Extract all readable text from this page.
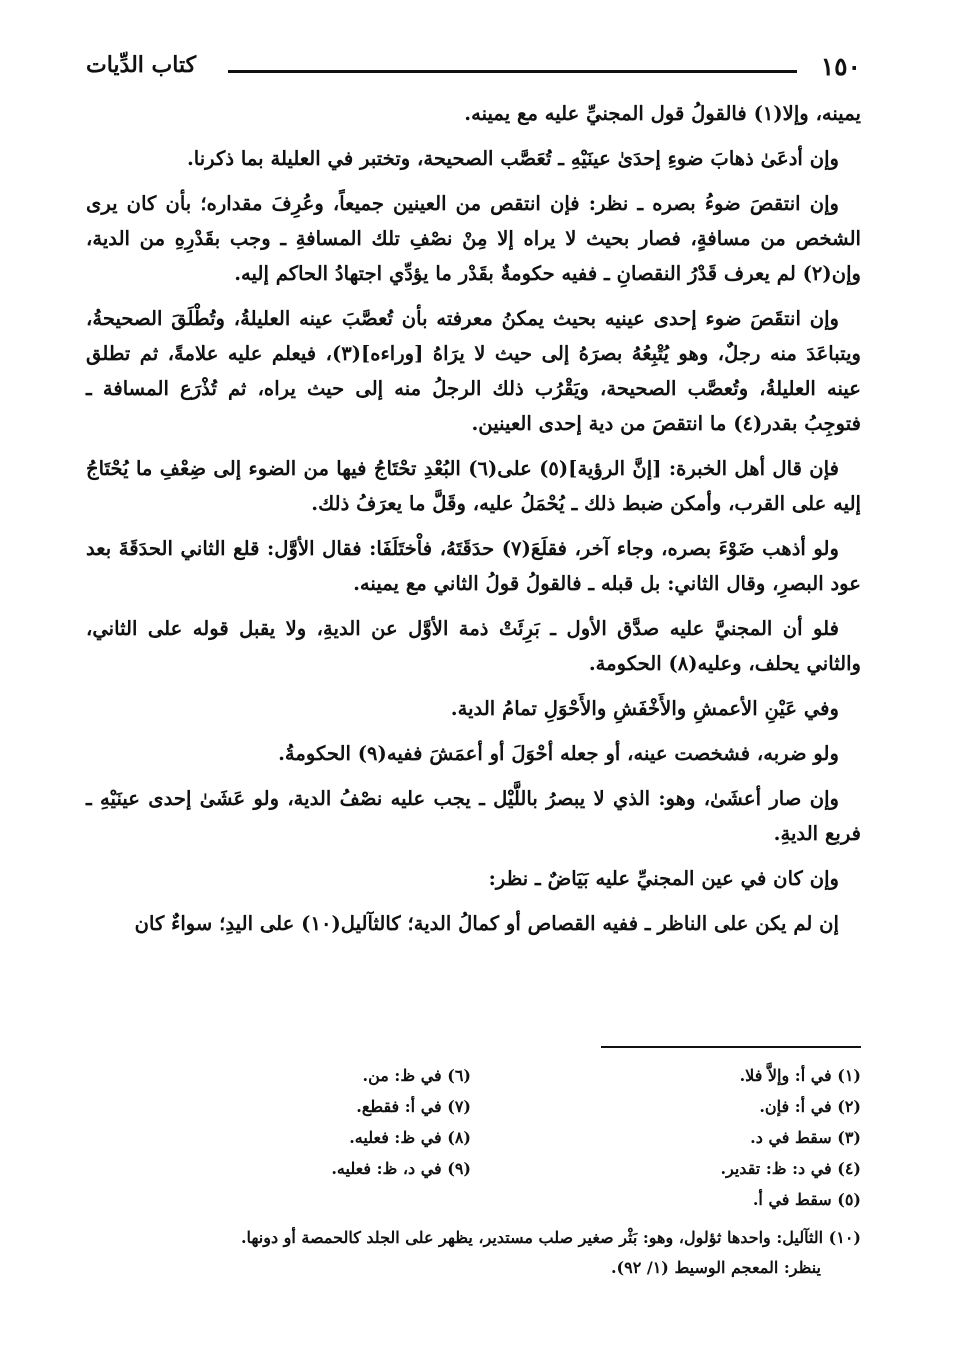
١٥٠
كتاب الدِّيات

يمينه، وإلا(١) فالقولُ قول المجنيِّ عليه مع يمينه.

وإن أدعَىٰ ذهابَ ضوءِ إحدَىٰ عينَيْهِ ـ تُعَصَّب الصحيحة، وتختبر في العليلة بما ذكرنا.

وإن انتقصَ ضوءُ بصره ـ نظر: فإن انتقص من العينين جميعاً، وعُرِفَ مقداره؛ بأن كان يرى الشخص من مسافةٍ، فصار بحيث لا يراه إلا مِنْ نصْفِ تلك المسافةِ ـ وجب بقَدْرِهِ من الدية، وإن(٢) لم يعرف قَدْرُ النقصانِ ـ ففيه حكومةٌ بقَدْر ما يؤدِّي اجتهادُ الحاكم إليه.

وإن انتقَصَ ضوء إحدى عينيه بحيث يمكنُ معرفته بأن تُعصَّبَ عينه العليلةُ، وتُطْلَقَ الصحيحةُ، ويتباعَدَ منه رجلٌ، وهو يُتْبِعُهُ بصرَهُ إلى حيث لا يرَاهُ [وراءه](٣)، فيعلم عليه علامةً، ثم تطلق عينه العليلةُ، وتُعصَّب الصحيحة، ويَقْرُب ذلك الرجلُ منه إلى حيث يراه، ثم تُذْرَع المسافة ـ فتوجِبُ بقدر(٤) ما انتقصَ من دية إحدى العينين.

فإن قال أهل الخبرة: [إنَّ الرؤية](٥) على(٦) البُعْدِ تحْتَاجُ فيها من الضوء إلى ضِعْفِ ما يُحْتَاجُ إليه على القرب، وأمكن ضبط ذلك ـ يُحْمَلُ عليه، وقَلَّ ما يعرَفُ ذلك.

ولو أذهب ضَوْءَ بصره، وجاء آخر، فقلَعَ(٧) حدَقَتَهُ، فاْختَلَفَا: فقال الأوَّل: قلع الثاني الحدَقَةَ بعد عود البصرِ، وقال الثاني: بل قبله ـ فالقولُ قولُ الثاني مع يمينه.

فلو أن المجنيَّ عليه صدَّق الأول ـ بَرِئَتْ ذمة الأوَّل عن الديةِ، ولا يقبل قوله على الثاني، والثاني يحلف، وعليه(٨) الحكومة.

وفي عَيْنِ الأعمشِ والأَخْفَشِ والأَحْوَلِ تمامُ الدية.

ولو ضربه، فشخصت عينه، أو جعله أحْوَلَ أو أعمَشَ ففيه(٩) الحكومةُ.

وإن صار أعشَىٰ، وهو: الذي لا يبصرُ باللَّيْل ـ يجب عليه نصْفُ الدية، ولو عَشَىٰ إحدى عينَيْهِ ـ فربع الديةِ.

وإن كان في عين المجنيِّ عليه بَيَاضٌ ـ نظر:

إن لم يكن على الناظر ـ ففيه القصاص أو كمالُ الدية؛ كالثآليل(١٠) على اليدِ؛ سواءٌ كان

(١) في أ: وإلاَّ فلا.
(٢) في أ: فإن.
(٣) سقط في د.
(٤) في د: ظ: تقدير.
(٥) سقط في أ.
(٦) في ظ: من.
(٧) في أ: فقطع.
(٨) في ظ: فعليه.
(٩) في د، ظ: فعليه.
(١٠) الثآليل: واحدها ثؤلول، وهو: بَثْر صغير صلب مستدير، يظهر على الجلد كالحمصة أو دونها.
ينظر: المعجم الوسيط (١/ ٩٢).
